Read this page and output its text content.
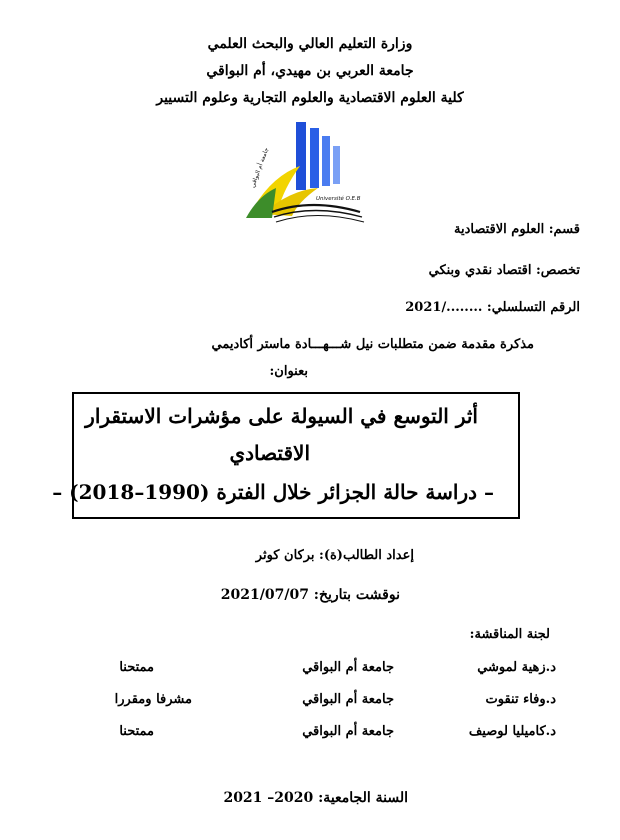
وزارة التعليم العالي والبحث العلمي
جامعة العربي بن مهيدي، أم البواقي
كلية العلوم الاقتصادية والعلوم التجارية وعلوم التسيير
جامعة أم البواقي
Université O.E.B
قسم: العلوم الاقتصادية
تخصص: اقتصاد نقدي وبنكي
الرقم التسلسلي: ......../2021
مذكرة مقدمة ضمن متطلبات نيل شـــهـــادة ماستر أكاديمي
بعنوان:
أثر التوسع في السيولة على مؤشرات الاستقرار
الاقتصادي
– دراسة حالة الجزائر خلال الفترة (1990–2018) –
إعداد الطالب(ة): بركان كوثر
نوقشت بتاريخ: 2021/07/07
لجنة المناقشة:
د.زهية لموشي
جامعة أم البواقي
ممتحنا
د.وفاء تنقوت
جامعة أم البواقي
مشرفا ومقررا
د.كاميليا لوصيف
جامعة أم البواقي
ممتحنا
السنة الجامعية: 2020– 2021
